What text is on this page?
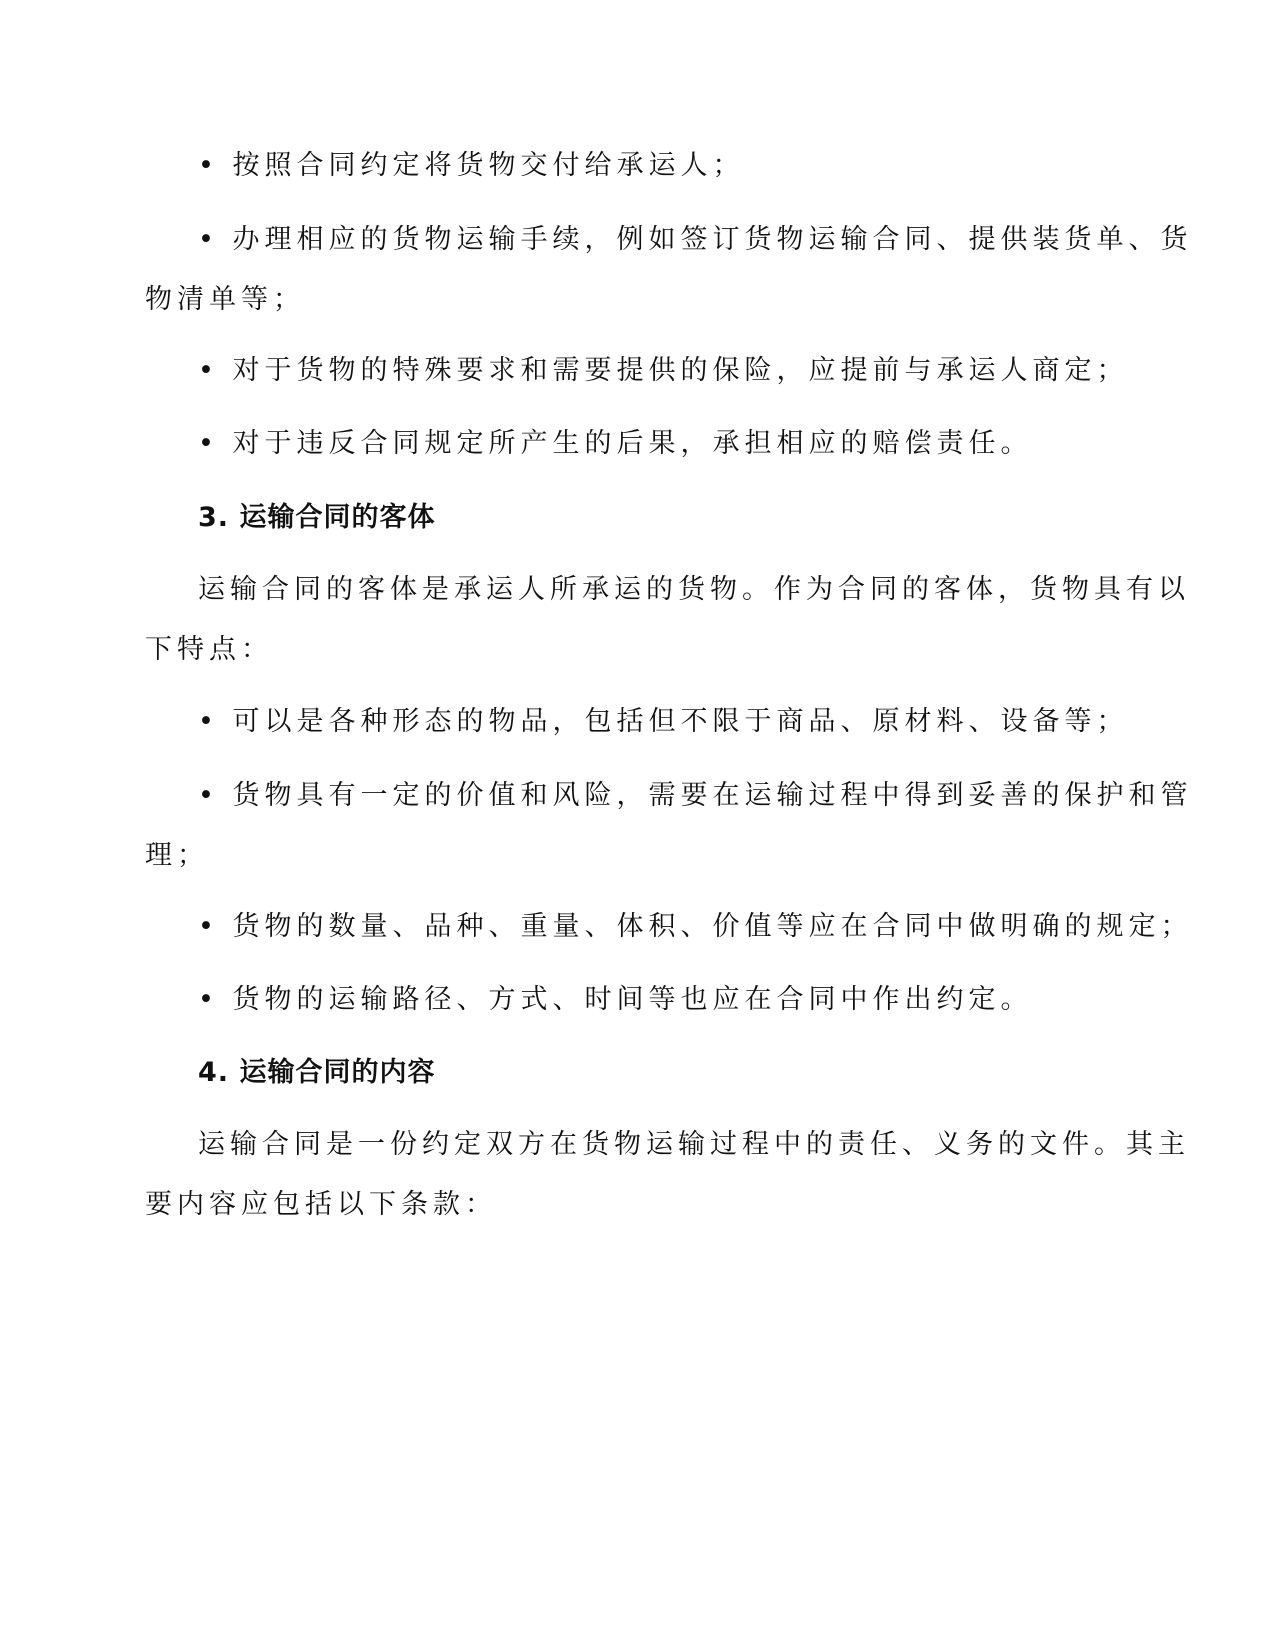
• 按照合同约定将货物交付给承运人；
• 办理相应的货物运输手续，例如签订货物运输合同、提供装货单、货
物清单等；
• 对于货物的特殊要求和需要提供的保险，应提前与承运人商定；
• 对于违反合同规定所产生的后果，承担相应的赔偿责任。
3. 运输合同的客体
运输合同的客体是承运人所承运的货物。作为合同的客体，货物具有以
下特点：
• 可以是各种形态的物品，包括但不限于商品、原材料、设备等；
• 货物具有一定的价值和风险，需要在运输过程中得到妥善的保护和管
理；
• 货物的数量、品种、重量、体积、价值等应在合同中做明确的规定；
• 货物的运输路径、方式、时间等也应在合同中作出约定。
4. 运输合同的内容
运输合同是一份约定双方在货物运输过程中的责任、义务的文件。其主
要内容应包括以下条款：
